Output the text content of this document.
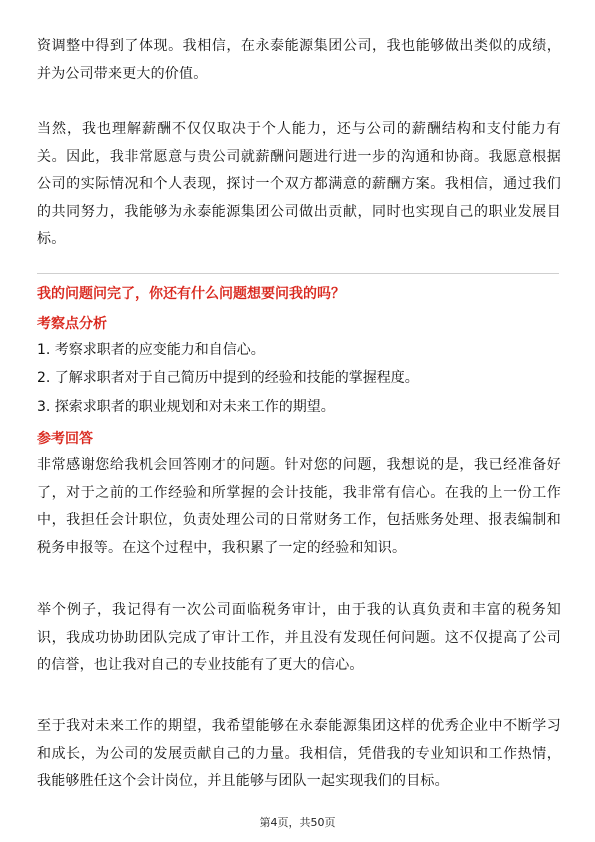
资调整中得到了体现。我相信，在永泰能源集团公司，我也能够做出类似的成绩，并为公司带来更大的价值。

当然，我也理解薪酬不仅仅取决于个人能力，还与公司的薪酬结构和支付能力有关。因此，我非常愿意与贵公司就薪酬问题进行进一步的沟通和协商。我愿意根据公司的实际情况和个人表现，探讨一个双方都满意的薪酬方案。我相信，通过我们的共同努力，我能够为永泰能源集团公司做出贡献，同时也实现自己的职业发展目标。

我的问题问完了，你还有什么问题想要问我的吗？

考察点分析

1. 考察求职者的应变能力和自信心。

2. 了解求职者对于自己简历中提到的经验和技能的掌握程度。

3. 探索求职者的职业规划和对未来工作的期望。

参考回答

非常感谢您给我机会回答刚才的问题。针对您的问题，我想说的是，我已经准备好了，对于之前的工作经验和所掌握的会计技能，我非常有信心。在我的上一份工作中，我担任会计职位，负责处理公司的日常财务工作，包括账务处理、报表编制和税务申报等。在这个过程中，我积累了一定的经验和知识。

举个例子，我记得有一次公司面临税务审计，由于我的认真负责和丰富的税务知识，我成功协助团队完成了审计工作，并且没有发现任何问题。这不仅提高了公司的信誉，也让我对自己的专业技能有了更大的信心。

至于我对未来工作的期望，我希望能够在永泰能源集团这样的优秀企业中不断学习和成长，为公司的发展贡献自己的力量。我相信，凭借我的专业知识和工作热情，我能够胜任这个会计岗位，并且能够与团队一起实现我们的目标。

第4页，共50页
